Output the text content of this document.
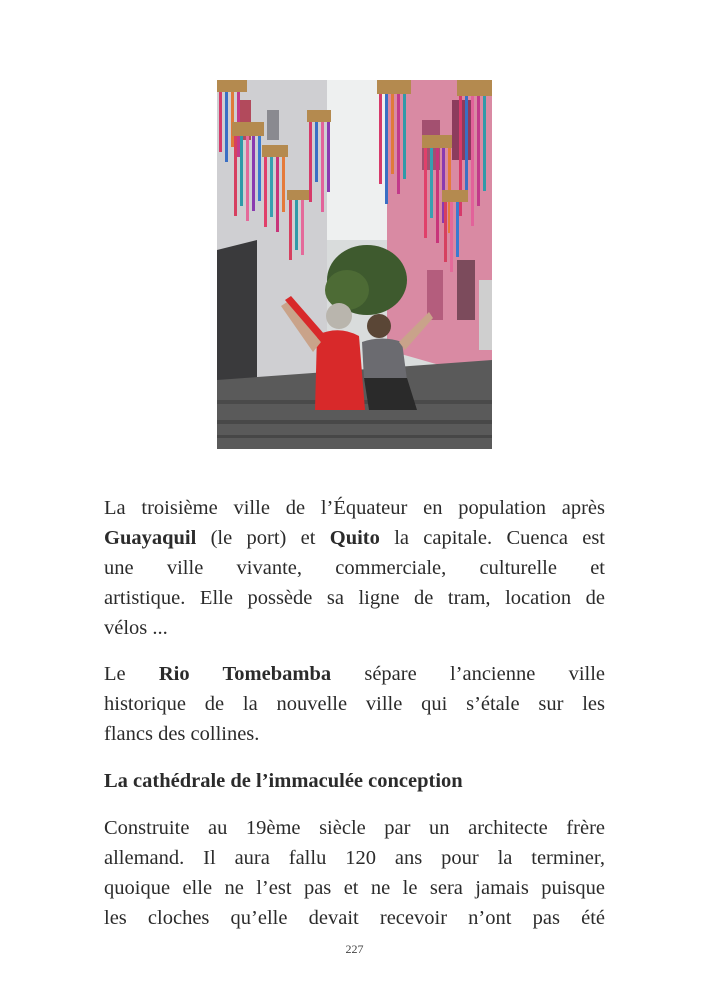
La troisième ville de l’Équateur en population après
Guayaquil (le port) et Quito la capitale. Cuenca est
une ville vivante, commerciale, culturelle et
artistique. Elle possède sa ligne de tram, location de
vélos ...
Le Rio Tomebamba sépare l’ancienne ville
historique de la nouvelle ville qui s’étale sur les
flancs des collines.
La cathédrale de l’immaculée conception
Construite au 19ème siècle par un architecte frère
allemand. Il aura fallu 120 ans pour la terminer,
quoique elle ne l’est pas et ne le sera jamais puisque
les cloches qu’elle devait recevoir n’ont pas été
227
